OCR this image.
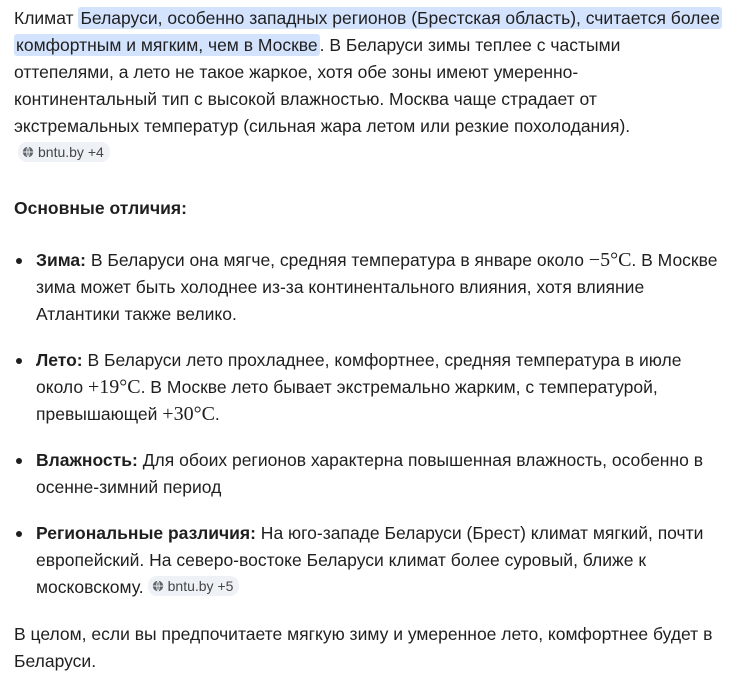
Климат Беларуси, особенно западных регионов (Брестская область), считается более комфортным и мягким, чем в Москве . В Беларуси зимы теплее с частыми оттепелями, а лето не такое жаркое, хотя обе зоны имеют умеренно-континентальный тип с высокой влажностью. Москва чаще страдает от экстремальных температур (сильная жара летом или резкие похолодания).
bntu.by +4

Основные отличия:

Зима: В Беларуси она мягче, средняя температура в январе около −5°C. В Москве зима может быть холоднее из-за континентального влияния, хотя влияние Атлантики также велико.
Лето: В Беларуси лето прохладнее, комфортнее, средняя температура в июле около +19°C. В Москве лето бывает экстремально жарким, с температурой, превышающей +30°C.
Влажность: Для обоих регионов характерна повышенная влажность, особенно в осенне-зимний период
Региональные различия: На юго-западе Беларуси (Брест) климат мягкий, почти европейский. На северо-востоке Беларуси климат более суровый, ближе к московскому. bntu.by +5

В целом, если вы предпочитаете мягкую зиму и умеренное лето, комфортнее будет в Беларуси.
